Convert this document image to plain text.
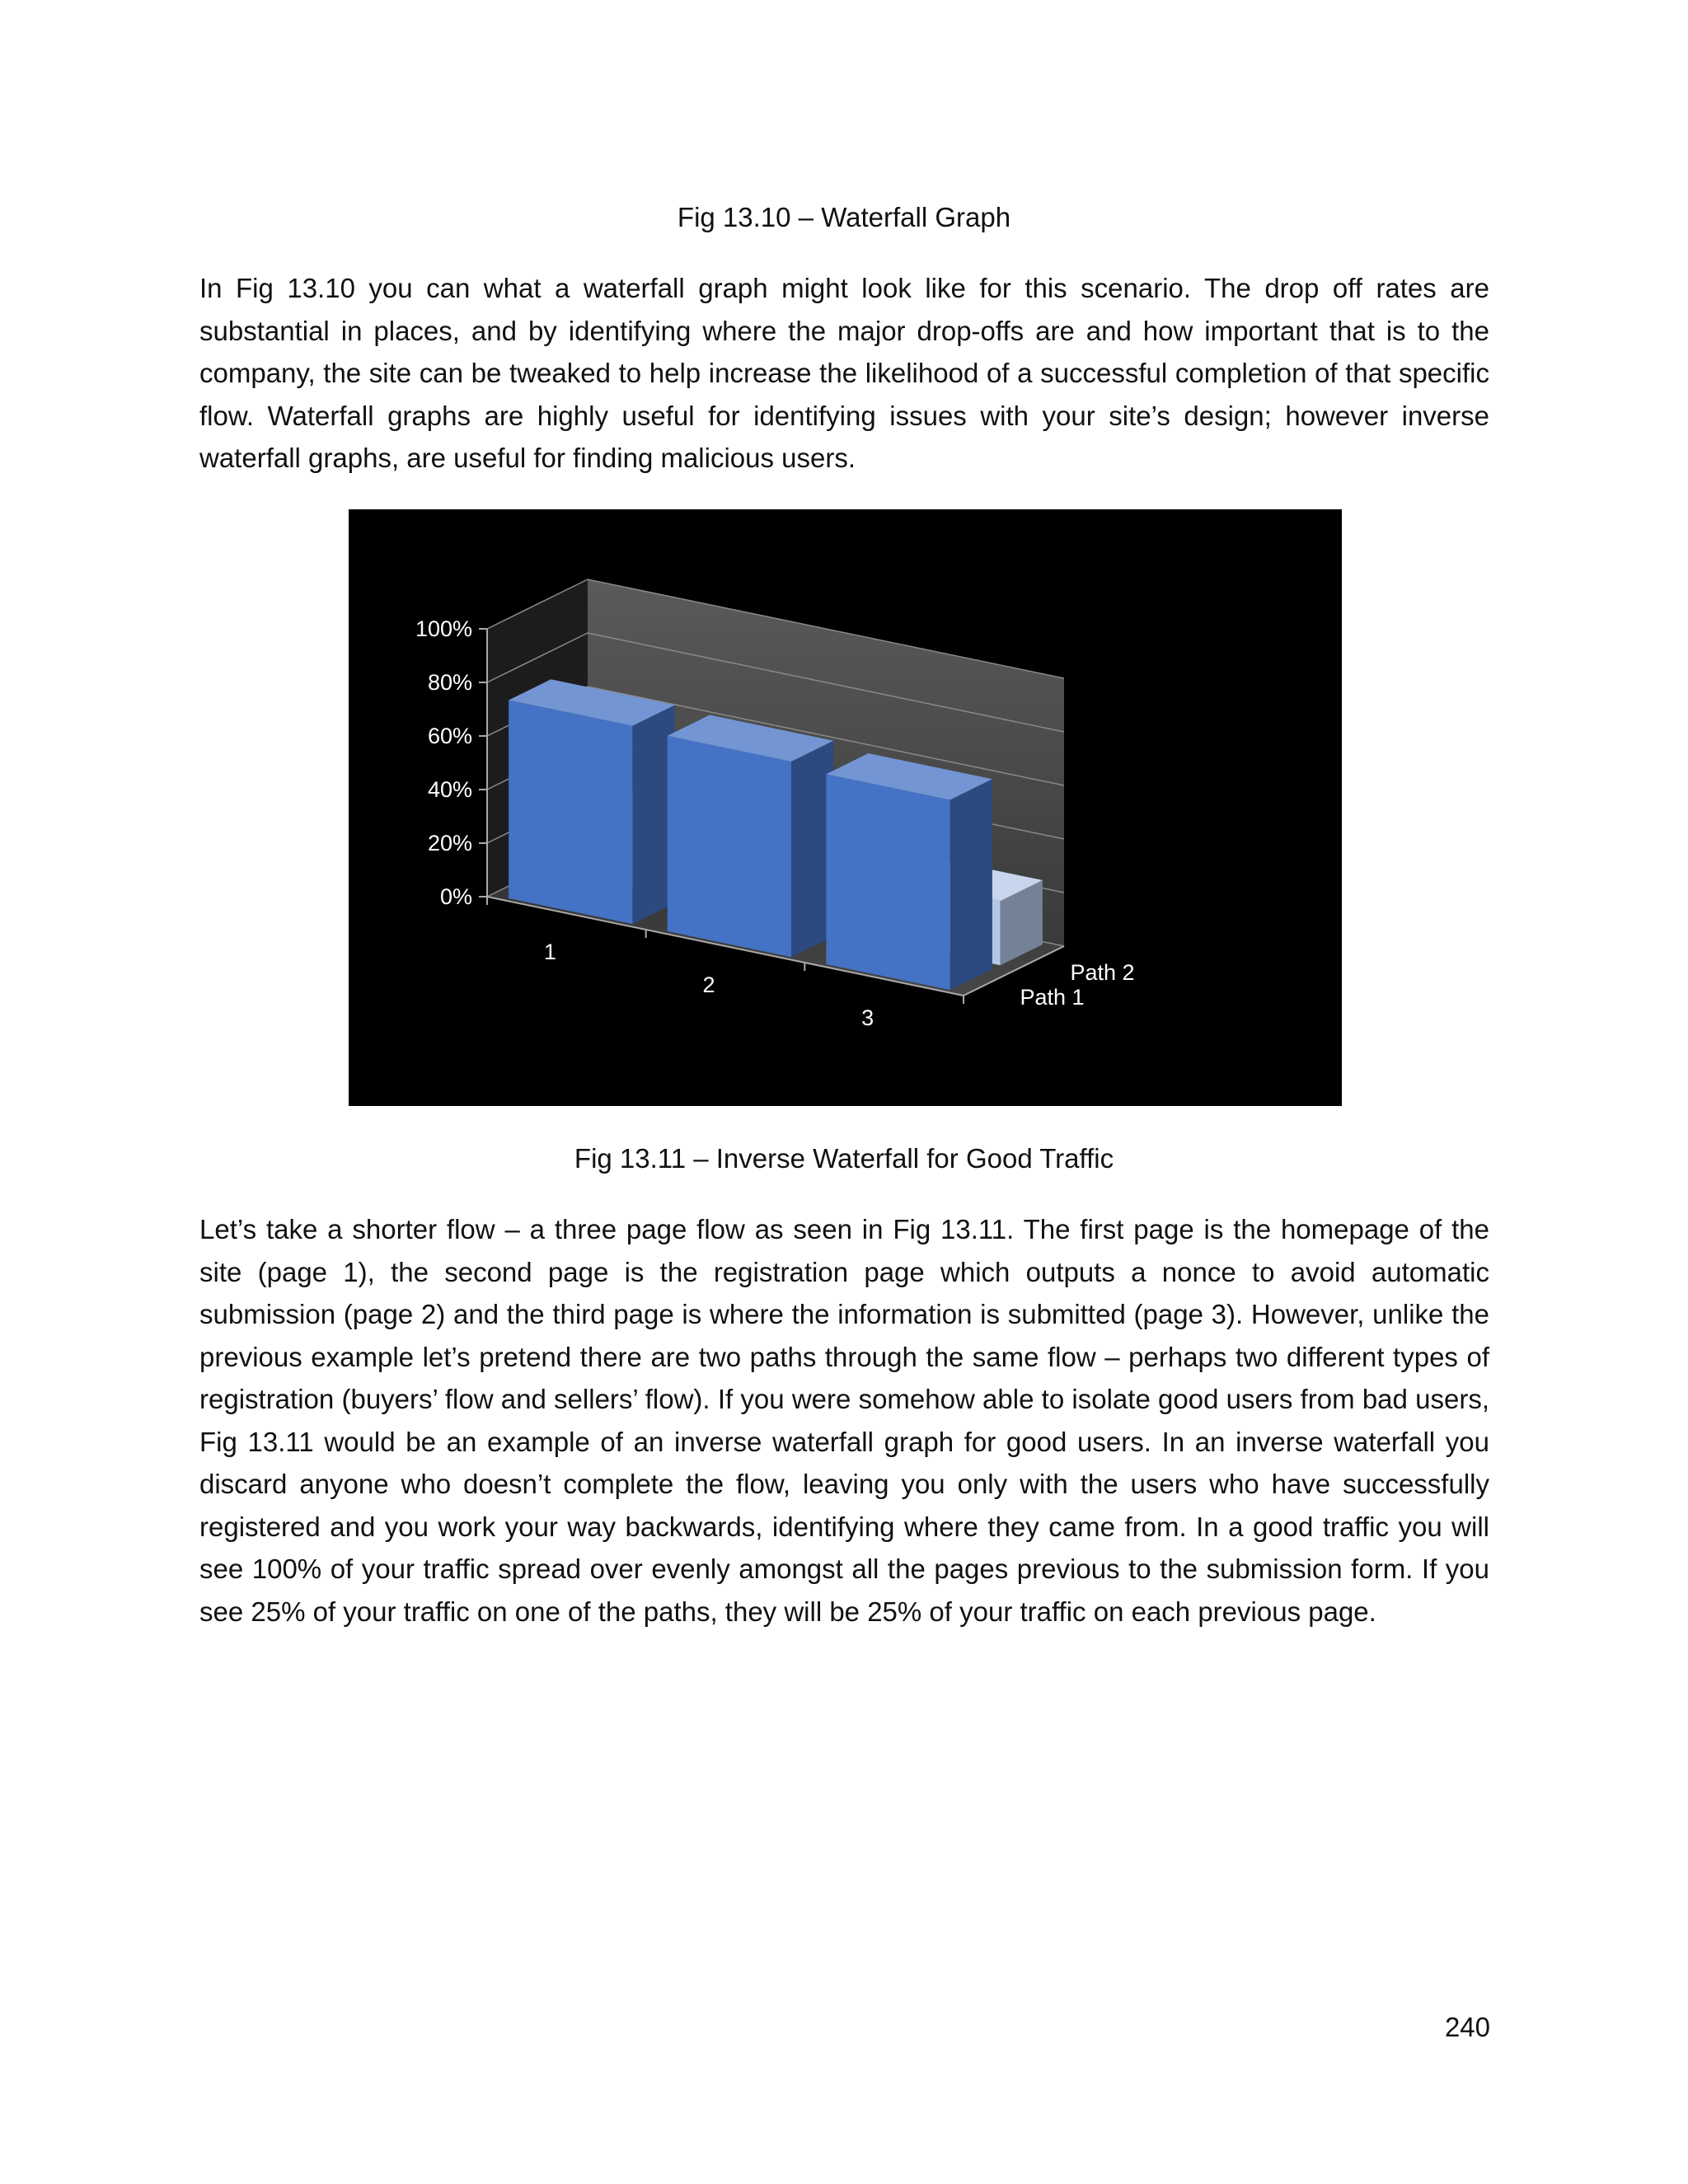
Fig 13.10 – Waterfall Graph

In Fig 13.10 you can what a waterfall graph might look like for this scenario. The drop off rates are substantial in places, and by identifying where the major drop-offs are and how important that is to the company, the site can be tweaked to help increase the likelihood of a successful completion of that specific flow. Waterfall graphs are highly useful for identifying issues with your site’s design; however inverse waterfall graphs, are useful for finding malicious users.

0%
20%
40%
60%
80%
100%
1
2
3
Path 1
Path 2
Fig 13.11 – Inverse Waterfall for Good Traffic

Let’s take a shorter flow – a three page flow as seen in Fig 13.11. The first page is the homepage of the site (page 1), the second page is the registration page which outputs a nonce to avoid automatic submission (page 2) and the third page is where the information is submitted (page 3). However, unlike the previous example let’s pretend there are two paths through the same flow – perhaps two different types of registration (buyers’ flow and sellers’ flow). If you were somehow able to isolate good users from bad users, Fig 13.11 would be an example of an inverse waterfall graph for good users. In an inverse waterfall you discard anyone who doesn’t complete the flow, leaving you only with the users who have successfully registered and you work your way backwards, identifying where they came from. In a good traffic you will see 100% of your traffic spread over evenly amongst all the pages previous to the submission form. If you see 25% of your traffic on one of the paths, they will be 25% of your traffic on each previous page.

240
